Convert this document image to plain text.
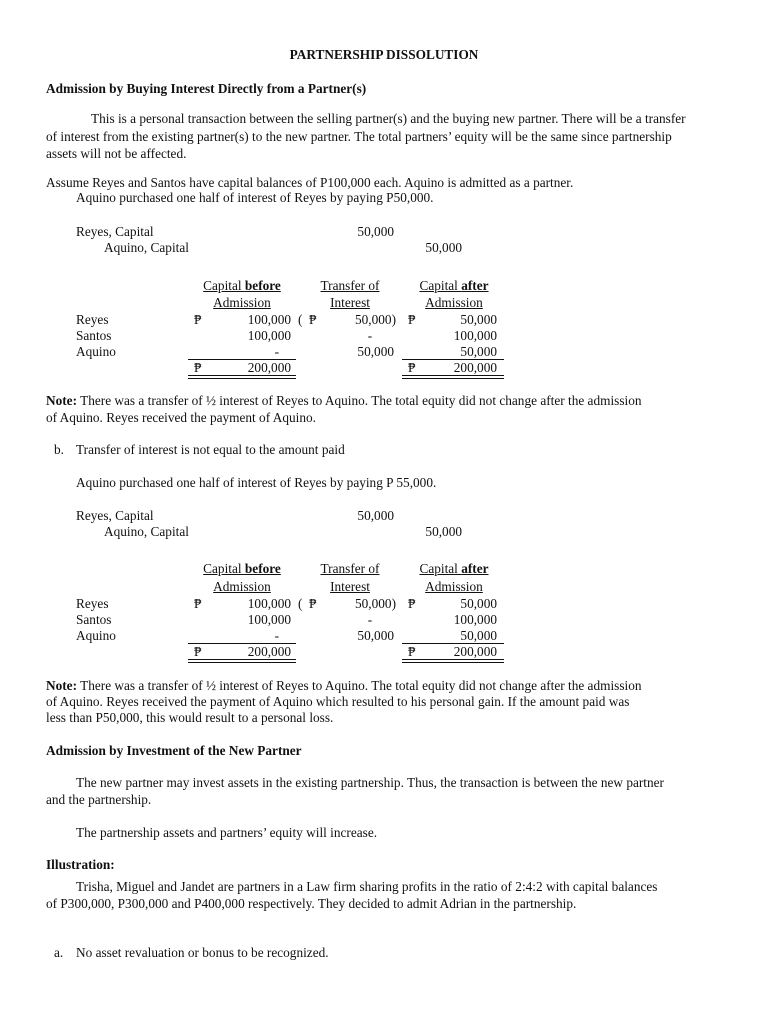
PARTNERSHIP DISSOLUTION
Admission by Buying Interest Directly from a Partner(s)
This is a personal transaction between the selling partner(s) and the buying new partner. There will be a transfer
of interest from the existing partner(s) to the new partner. The total partners’ equity will be the same since partnership
assets will not be affected.
Assume Reyes and Santos have capital balances of P100,000 each. Aquino is admitted as a partner.
Aquino purchased one half of interest of Reyes by paying P50,000.
Reyes, Capital	50,000
Aquino, Capital	50,000
Capital before
Admission
Transfer of
Interest
Capital after
Admission
Reyes	₱	100,000 ( ₱	50,000) ₱	50,000
Santos	100,000	-	100,000
Aquino	-	50,000	50,000
₱	200,000	₱	200,000
Note: There was a transfer of ½ interest of Reyes to Aquino. The total equity did not change after the admission
of Aquino. Reyes received the payment of Aquino.
b. Transfer of interest is not equal to the amount paid
Aquino purchased one half of interest of Reyes by paying P 55,000.
Reyes, Capital	50,000
Aquino, Capital	50,000
Capital before
Admission
Transfer of
Interest
Capital after
Admission
Reyes	₱	100,000 ( ₱	50,000) ₱	50,000
Santos	100,000	-	100,000
Aquino	-	50,000	50,000
₱	200,000	₱	200,000
Note: There was a transfer of ½ interest of Reyes to Aquino. The total equity did not change after the admission
of Aquino. Reyes received the payment of Aquino which resulted to his personal gain. If the amount paid was
less than P50,000, this would result to a personal loss.
Admission by Investment of the New Partner
The new partner may invest assets in the existing partnership. Thus, the transaction is between the new partner
and the partnership.
The partnership assets and partners’ equity will increase.
Illustration:
Trisha, Miguel and Jandet are partners in a Law firm sharing profits in the ratio of 2:4:2 with capital balances
of P300,000, P300,000 and P400,000 respectively. They decided to admit Adrian in the partnership.
a. No asset revaluation or bonus to be recognized.
